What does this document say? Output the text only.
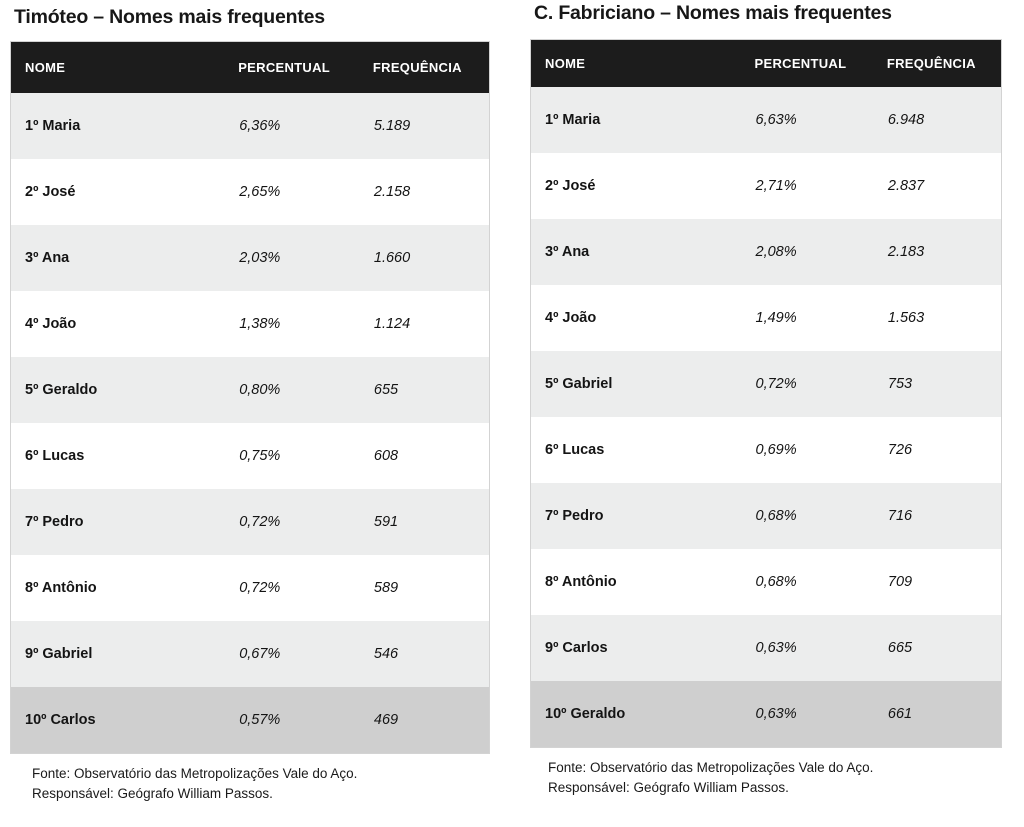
Timóteo – Nomes mais frequentes
NOME	PERCENTUAL	FREQUÊNCIA
1º Maria	6,36%	5.189
2º José	2,65%	2.158
3º Ana	2,03%	1.660
4º João	1,38%	1.124
5º Geraldo	0,80%	655
6º Lucas	0,75%	608
7º Pedro	0,72%	591
8º Antônio	0,72%	589
9º Gabriel	0,67%	546
10º Carlos	0,57%	469
Fonte: Observatório das Metropolizações Vale do Aço.
Responsável: Geógrafo William Passos.
C. Fabriciano – Nomes mais frequentes
NOME	PERCENTUAL	FREQUÊNCIA
1º Maria	6,63%	6.948
2º José	2,71%	2.837
3º Ana	2,08%	2.183
4º João	1,49%	1.563
5º Gabriel	0,72%	753
6º Lucas	0,69%	726
7º Pedro	0,68%	716
8º Antônio	0,68%	709
9º Carlos	0,63%	665
10º Geraldo	0,63%	661
Fonte: Observatório das Metropolizações Vale do Aço.
Responsável: Geógrafo William Passos.
